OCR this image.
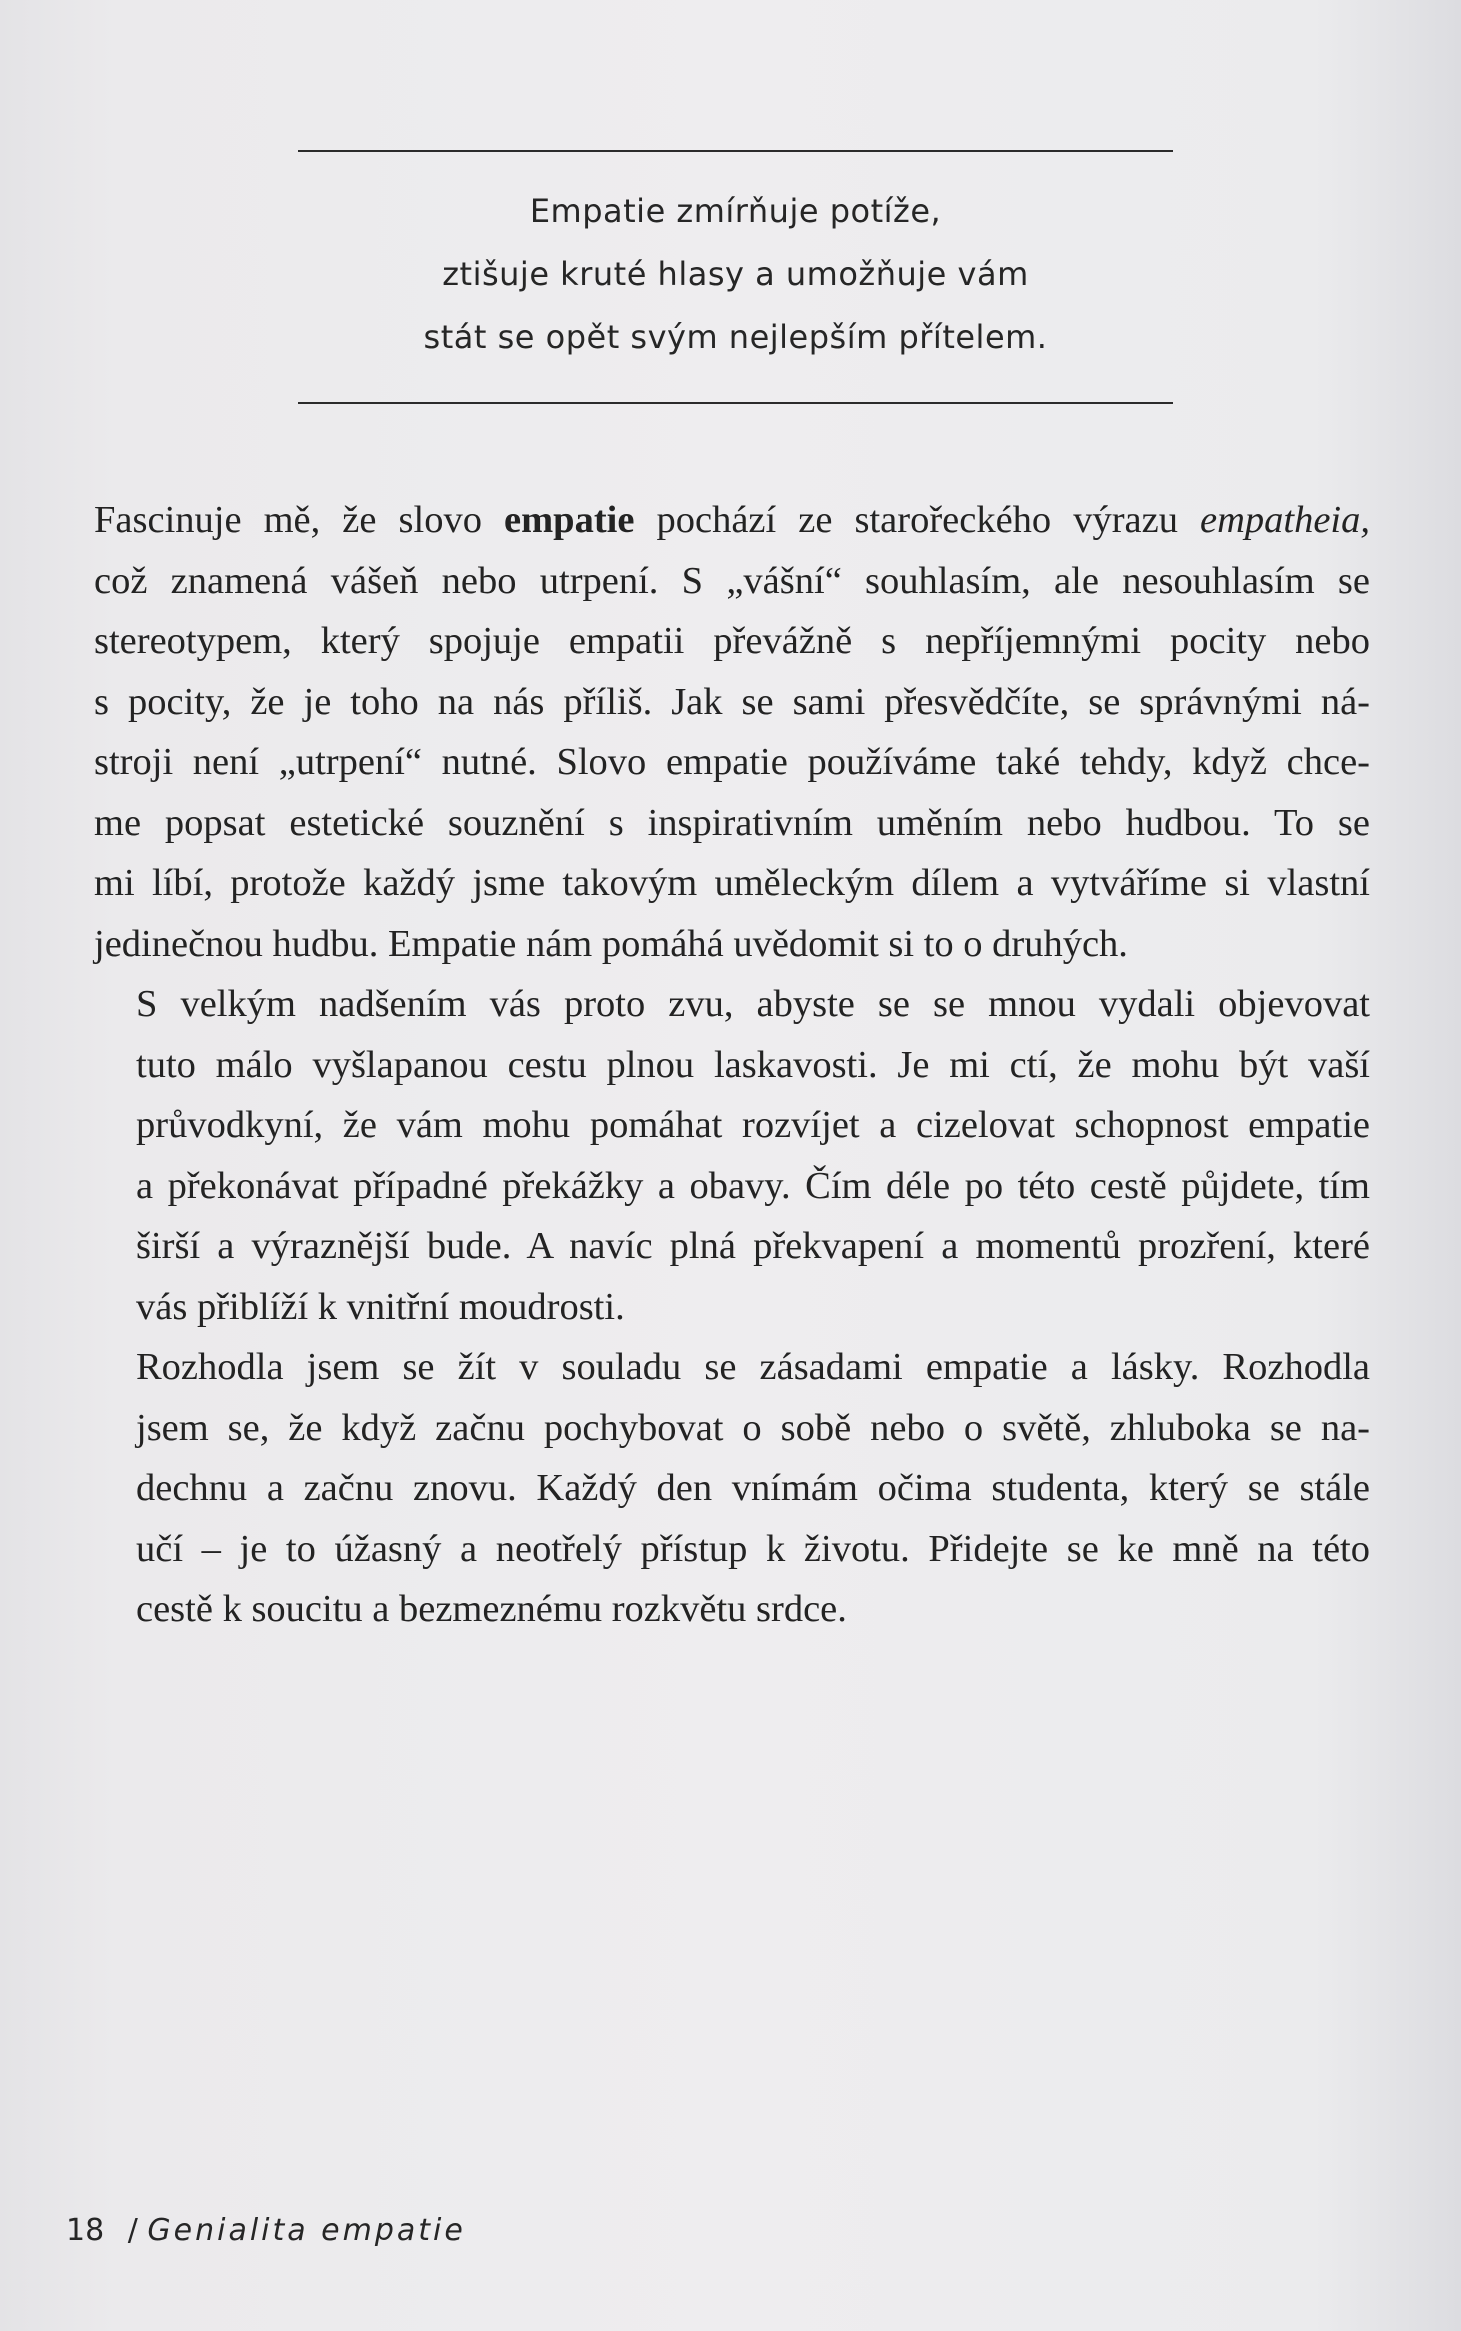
Empatie zmírňuje potíže,
ztišuje kruté hlasy a umožňuje vám
stát se opět svým nejlepším přítelem.

Fascinuje mě, že slovo empatie pochází ze starořeckého výrazu empatheia,
což znamená vášeň nebo utrpení. S „vášní“ souhlasím, ale nesouhlasím se
stereotypem, který spojuje empatii převážně s nepříjemnými pocity nebo
s pocity, že je toho na nás příliš. Jak se sami přesvědčíte, se správnými ná-
stroji není „utrpení“ nutné. Slovo empatie používáme také tehdy, když chce-
me popsat estetické souznění s inspirativním uměním nebo hudbou. To se
mi líbí, protože každý jsme takovým uměleckým dílem a vytváříme si vlastní
jedinečnou hudbu. Empatie nám pomáhá uvědomit si to o druhých.

S velkým nadšením vás proto zvu, abyste se se mnou vydali objevovat
tuto málo vyšlapanou cestu plnou laskavosti. Je mi ctí, že mohu být vaší
průvodkyní, že vám mohu pomáhat rozvíjet a cizelovat schopnost empatie
a překonávat případné překážky a obavy. Čím déle po této cestě půjdete, tím
širší a výraznější bude. A navíc plná překvapení a momentů prozření, které
vás přiblíží k vnitřní moudrosti.

Rozhodla jsem se žít v souladu se zásadami empatie a lásky. Rozhodla
jsem se, že když začnu pochybovat o sobě nebo o světě, zhluboka se na-
dechnu a začnu znovu. Každý den vnímám očima studenta, který se stále
učí – je to úžasný a neotřelý přístup k životu. Přidejte se ke mně na této
cestě k soucitu a bezmeznému rozkvětu srdce.

18 / Genialita empatie
